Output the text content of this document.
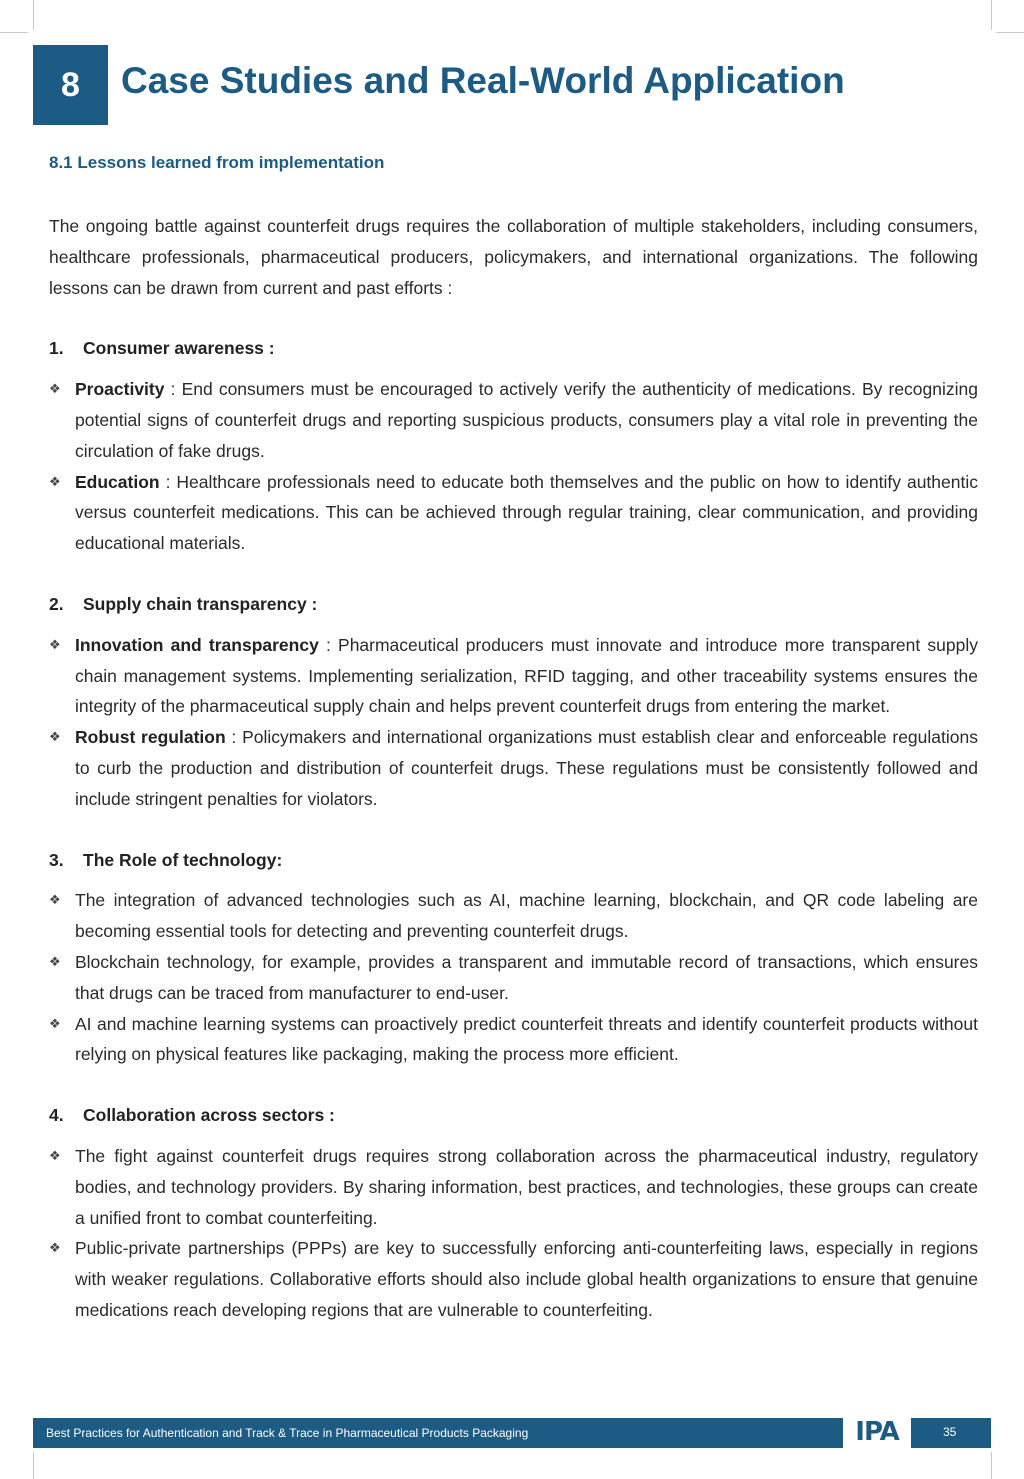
8	Case Studies and Real-World Application
8.1 Lessons learned from implementation

The ongoing battle against counterfeit drugs requires the collaboration of multiple stakeholders, including consumers, healthcare professionals, pharmaceutical producers, policymakers, and international organizations. The following lessons can be drawn from current and past efforts :

1.	Consumer awareness :
❖ Proactivity : End consumers must be encouraged to actively verify the authenticity of medications. By recognizing potential signs of counterfeit drugs and reporting suspicious products, consumers play a vital role in preventing the circulation of fake drugs.
❖ Education : Healthcare professionals need to educate both themselves and the public on how to identify authentic versus counterfeit medications. This can be achieved through regular training, clear communication, and providing educational materials.
2.	Supply chain transparency :
❖ Innovation and transparency : Pharmaceutical producers must innovate and introduce more transparent supply chain management systems. Implementing serialization, RFID tagging, and other traceability systems ensures the integrity of the pharmaceutical supply chain and helps prevent counterfeit drugs from entering the market.
❖ Robust regulation : Policymakers and international organizations must establish clear and enforceable regulations to curb the production and distribution of counterfeit drugs. These regulations must be consistently followed and include stringent penalties for violators.
3.	The Role of technology:
❖ The integration of advanced technologies such as AI, machine learning, blockchain, and QR code labeling are becoming essential tools for detecting and preventing counterfeit drugs.
❖ Blockchain technology, for example, provides a transparent and immutable record of transactions, which ensures that drugs can be traced from manufacturer to end-user.
❖ AI and machine learning systems can proactively predict counterfeit threats and identify counterfeit products without relying on physical features like packaging, making the process more efficient.
4.	Collaboration across sectors :
❖ The fight against counterfeit drugs requires strong collaboration across the pharmaceutical industry, regulatory bodies, and technology providers. By sharing information, best practices, and technologies, these groups can create a unified front to combat counterfeiting.
❖ Public-private partnerships (PPPs) are key to successfully enforcing anti-counterfeiting laws, especially in regions with weaker regulations. Collaborative efforts should also include global health organizations to ensure that genuine medications reach developing regions that are vulnerable to counterfeiting.
Best Practices for Authentication and Track & Trace in Pharmaceutical Products Packaging	IPA	35
